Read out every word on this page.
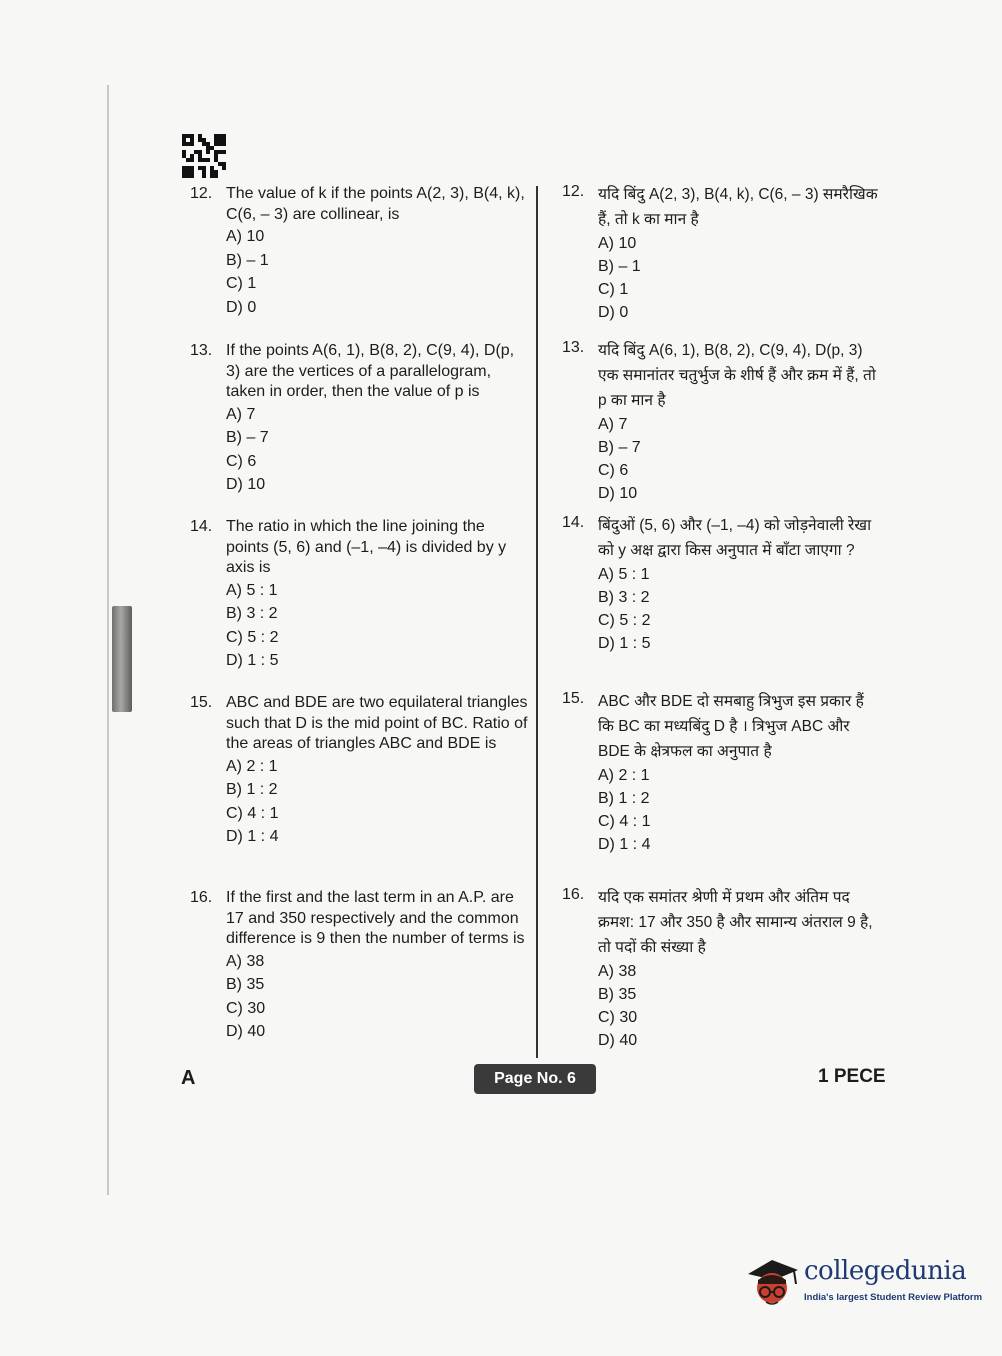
12. The value of k if the points A(2, 3), B(4, k), C(6, – 3) are collinear, is
A) 10
B) – 1
C) 1
D) 0
13. If the points A(6, 1), B(8, 2), C(9, 4), D(p, 3) are the vertices of a parallelogram, taken in order, then the value of p is
A) 7
B) – 7
C) 6
D) 10
14. The ratio in which the line joining the points (5, 6) and (–1, –4) is divided by y axis is
A) 5 : 1
B) 3 : 2
C) 5 : 2
D) 1 : 5
15. ABC and BDE are two equilateral triangles such that D is the mid point of BC. Ratio of the areas of triangles ABC and BDE is
A) 2 : 1
B) 1 : 2
C) 4 : 1
D) 1 : 4
16. If the first and the last term in an A.P. are 17 and 350 respectively and the common difference is 9 then the number of terms is
A) 38
B) 35
C) 30
D) 40
12. यदि बिंदु A(2, 3), B(4, k), C(6, – 3) समरैखिक हैं, तो k का मान है
A) 10
B) – 1
C) 1
D) 0
13. यदि बिंदु A(6, 1), B(8, 2), C(9, 4), D(p, 3) एक समानांतर चतुर्भुज के शीर्ष हैं और क्रम में हैं, तो p का मान है
A) 7
B) – 7
C) 6
D) 10
14. बिंदुओं (5, 6) और (–1, –4) को जोड़नेवाली रेखा को y अक्ष द्वारा किस अनुपात में बाँटा जाएगा ?
A) 5 : 1
B) 3 : 2
C) 5 : 2
D) 1 : 5
15. ABC और BDE दो समबाहु त्रिभुज इस प्रकार हैं कि BC का मध्यबिंदु D है । त्रिभुज ABC और BDE के क्षेत्रफल का अनुपात है
A) 2 : 1
B) 1 : 2
C) 4 : 1
D) 1 : 4
16. यदि एक समांतर श्रेणी में प्रथम और अंतिम पद क्रमश: 17 और 350 है और सामान्य अंतराल 9 है, तो पदों की संख्या है
A) 38
B) 35
C) 30
D) 40
A	Page No. 6	1 PECE
collegedunia
India's largest Student Review Platform
